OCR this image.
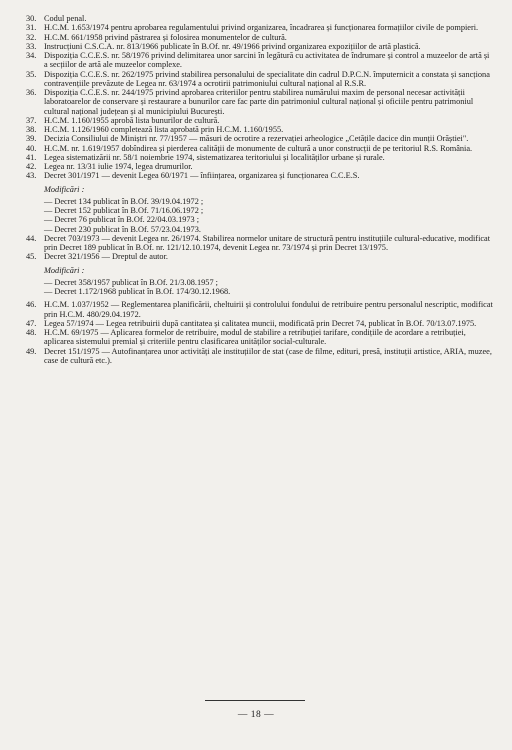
30. Codul penal.
31. H.C.M. 1.653/1974 pentru aprobarea regulamentului privind organizarea, încadrarea și funcționarea formațiilor civile de pompieri.
32. H.C.M. 661/1958 privind păstrarea și folosirea monumentelor de cultură.
33. Instrucțiuni C.S.C.A. nr. 813/1966 publicate în B.Of. nr. 49/1966 privind organizarea expozițiilor de artă plastică.
34. Dispoziția C.C.E.S. nr. 58/1976 privind delimitarea unor sarcini în legătură cu activitatea de îndrumare și control a muzeelor de artă și a secțiilor de artă ale muzeelor complexe.
35. Dispoziția C.C.E.S. nr. 262/1975 privind stabilirea personalului de specialitate din cadrul D.P.C.N. împuternicit a constata și sancționa contravențiile prevăzute de Legea nr. 63/1974 a ocrotirii patrimoniului cultural național al R.S.R.
36. Dispoziția C.C.E.S. nr. 244/1975 privind aprobarea criteriilor pentru stabilirea numărului maxim de personal necesar activității laboratoarelor de conservare și restaurare a bunurilor care fac parte din patrimoniul cultural național și oficiile pentru patrimoniul cultural național județean și al municipiului București.
37. H.C.M. 1.160/1955 aprobă lista bunurilor de cultură.
38. H.C.M. 1.126/1960 completează lista aprobată prin H.C.M. 1.160/1955.
39. Decizia Consiliului de Miniștri nr. 77/1957 — măsuri de ocrotire a rezervației arheologice „Cetățile dacice din munții Orăștiei".
40. H.C.M. nr. 1.619/1957 dobîndirea și pierderea calității de monumente de cultură a unor construcții de pe teritoriul R.S. România.
41. Legea sistematizării nr. 58/1 noiembrie 1974, sistematizarea teritoriului și localităților urbane și rurale.
42. Legea nr. 13/31 iulie 1974, legea drumurilor.
43. Decret 301/1971 — devenit Legea 60/1971 — înființarea, organizarea și funcționarea C.C.E.S.
Modificări :
— Decret 134 publicat în B.Of. 39/19.04.1972 ;
— Decret 152 publicat în B.Of. 71/16.06.1972 ;
— Decret 76 publicat în B.Of. 22/04.03.1973 ;
— Decret 230 publicat în B.Of. 57/23.04.1973.
44. Decret 703/1973 — devenit Legea nr. 26/1974. Stabilirea normelor unitare de structură pentru instituțiile cultural-educative, modificat prin Decret 189 publicat în B.Of. nr. 121/12.10.1974, devenit Legea nr. 73/1974 și prin Decret 13/1975.
45. Decret 321/1956 — Dreptul de autor.
Modificări :
— Decret 358/1957 publicat în B.Of. 21/3.08.1957 ;
— Decret 1.172/1968 publicat în B.Of. 174/30.12.1968.
46. H.C.M. 1.037/1952 — Reglementarea planificării, cheltuirii și controlului fondului de retribuire pentru personalul nescriptic, modificat prin H.C.M. 480/29.04.1972.
47. Legea 57/1974 — Legea retribuirii după cantitatea și calitatea muncii, modificată prin Decret 74, publicat în B.Of. 70/13.07.1975.
48. H.C.M. 69/1975 — Aplicarea formelor de retribuire, modul de stabilire a retribuției tarifare, condițiile de acordare a retribuției, aplicarea sistemului premial și criteriile pentru clasificarea unităților social-culturale.
49. Decret 151/1975 — Autofinanțarea unor activități ale instituțiilor de stat (case de filme, edituri, presă, instituții artistice, ARIA, muzee, case de cultură etc.).
— 18 —
